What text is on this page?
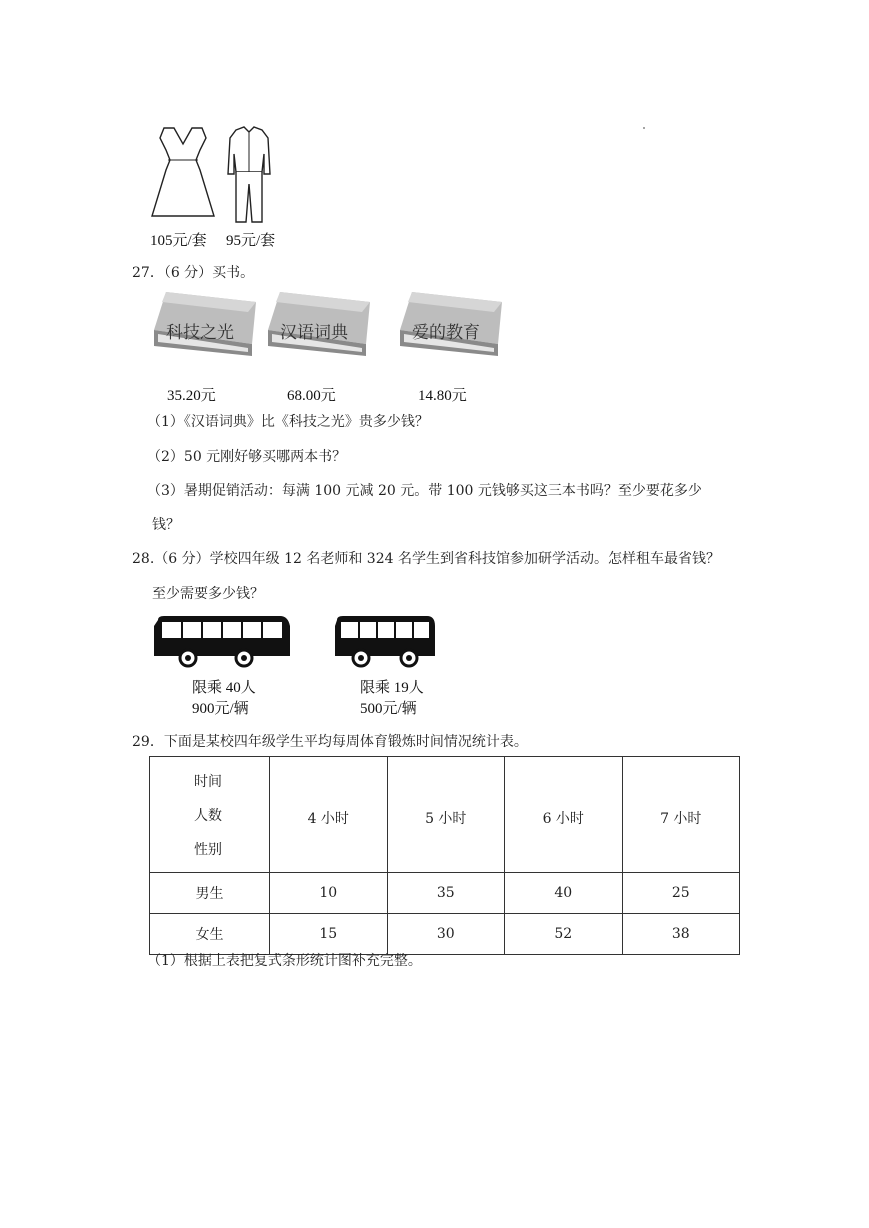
105元/套 95元/套
27．（6 分）买书。
科技之光	汉语词典	爱的教育
35.20元	68.00元	14.80元
（1）《汉语词典》比《科技之光》贵多少钱？
（2）50 元刚好够买哪两本书？
（3）暑期促销活动：每满 100 元减 20 元。带 100 元钱够买这三本书吗？至少要花多少
钱？
28.（6 分）学校四年级 12 名老师和 324 名学生到省科技馆参加研学活动。怎样租车最省钱？
至少需要多少钱？
限乘 40人
900元/辆
限乘 19人
500元/辆
29．下面是某校四年级学生平均每周体育锻炼时间情况统计表。
时间
人数
性别	4 小时	5 小时	6 小时	7 小时
男生	10	35	40	25
女生	15	30	52	38
（1）根据上表把复式条形统计图补充完整。
